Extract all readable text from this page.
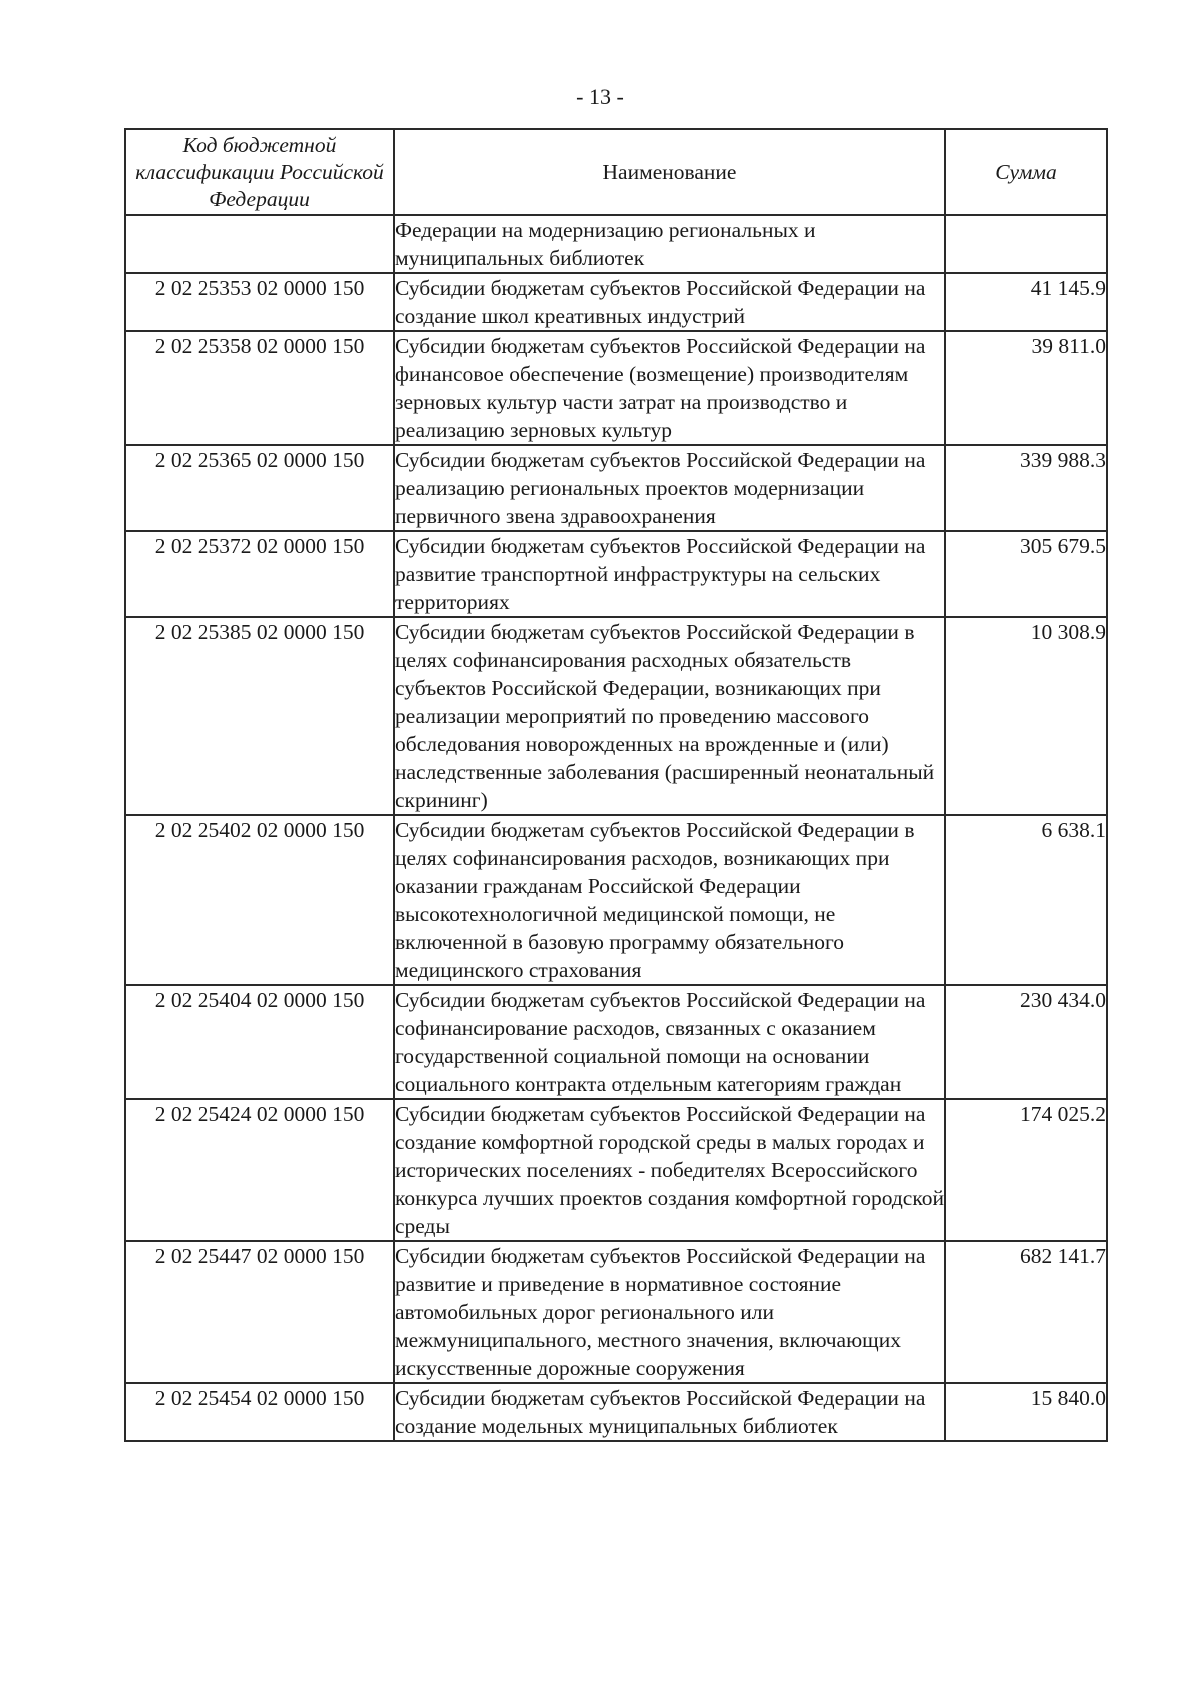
- 13 -
Код бюджетной классификации Российской Федерации	Наименование	Сумма
	Федерации на модернизацию региональных и муниципальных библиотек	
2 02 25353 02 0000 150	Субсидии бюджетам субъектов Российской Федерации на создание школ креативных индустрий	41 145.9
2 02 25358 02 0000 150	Субсидии бюджетам субъектов Российской Федерации на финансовое обеспечение (возмещение) производителям зерновых культур части затрат на производство и реализацию зерновых культур	39 811.0
2 02 25365 02 0000 150	Субсидии бюджетам субъектов Российской Федерации на реализацию региональных проектов модернизации первичного звена здравоохранения	339 988.3
2 02 25372 02 0000 150	Субсидии бюджетам субъектов Российской Федерации на развитие транспортной инфраструктуры на сельских территориях	305 679.5
2 02 25385 02 0000 150	Субсидии бюджетам субъектов Российской Федерации в целях софинансирования расходных обязательств субъектов Российской Федерации, возникающих при реализации мероприятий по проведению массового обследования новорожденных на врожденные и (или) наследственные заболевания (расширенный неонатальный скрининг)	10 308.9
2 02 25402 02 0000 150	Субсидии бюджетам субъектов Российской Федерации в целях софинансирования расходов, возникающих при оказании гражданам Российской Федерации высокотехнологичной медицинской помощи, не включенной в базовую программу обязательного медицинского страхования	6 638.1
2 02 25404 02 0000 150	Субсидии бюджетам субъектов Российской Федерации на софинансирование расходов, связанных с оказанием государственной социальной помощи на основании социального контракта отдельным категориям граждан	230 434.0
2 02 25424 02 0000 150	Субсидии бюджетам субъектов Российской Федерации на создание комфортной городской среды в малых городах и исторических поселениях - победителях Всероссийского конкурса лучших проектов создания комфортной городской среды	174 025.2
2 02 25447 02 0000 150	Субсидии бюджетам субъектов Российской Федерации на развитие и приведение в нормативное состояние автомобильных дорог регионального или межмуниципального, местного значения, включающих искусственные дорожные сооружения	682 141.7
2 02 25454 02 0000 150	Субсидии бюджетам субъектов Российской Федерации на создание модельных муниципальных библиотек	15 840.0
